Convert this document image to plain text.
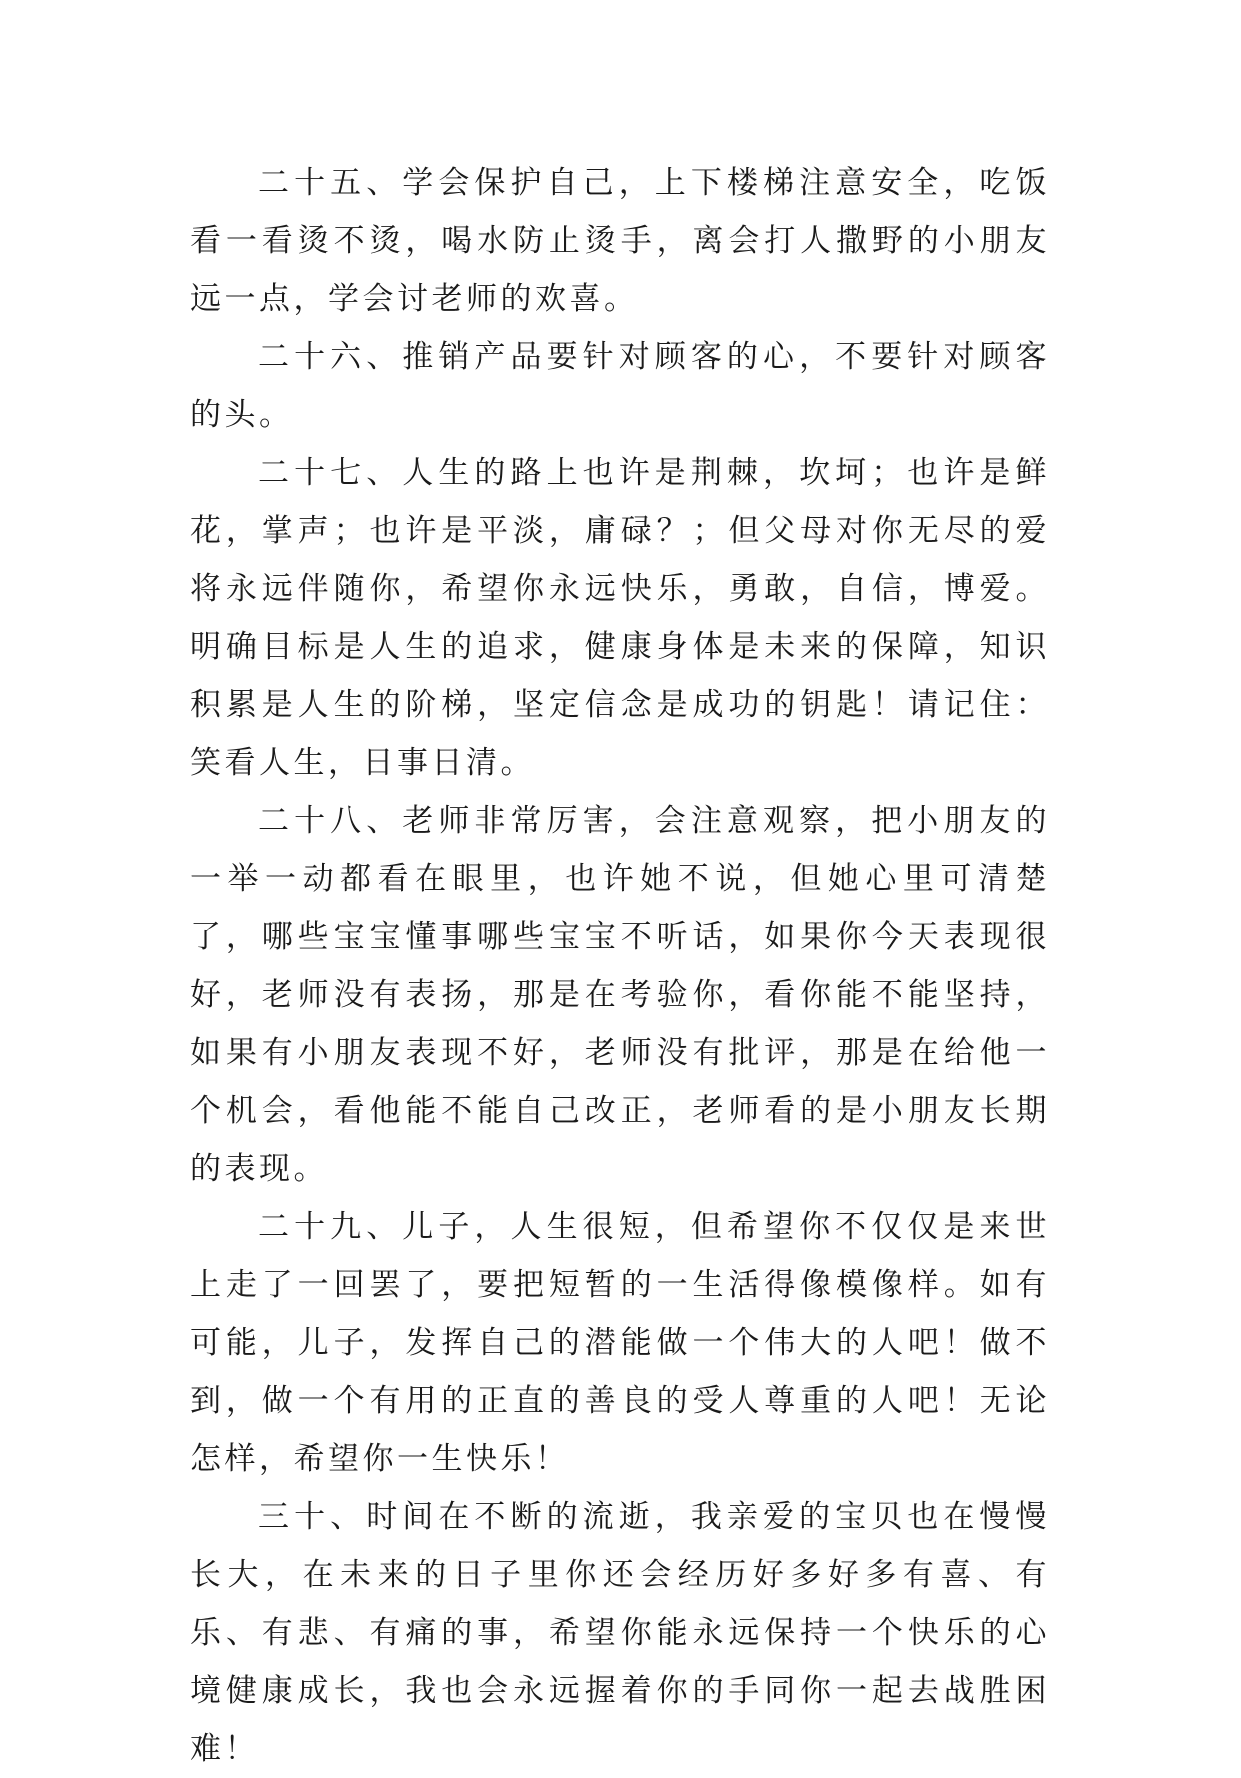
二十五、学会保护自己，上下楼梯注意安全，吃饭看一看烫不烫，喝水防止烫手，离会打人撒野的小朋友远一点，学会讨老师的欢喜。

二十六、推销产品要针对顾客的心，不要针对顾客的头。

二十七、人生的路上也许是荆棘，坎坷；也许是鲜花，掌声；也许是平淡，庸碌？；但父母对你无尽的爱将永远伴随你，希望你永远快乐，勇敢，自信，博爱。明确目标是人生的追求，健康身体是未来的保障，知识积累是人生的阶梯，坚定信念是成功的钥匙！请记住：笑看人生，日事日清。

二十八、老师非常厉害，会注意观察，把小朋友的一举一动都看在眼里，也许她不说，但她心里可清楚了，哪些宝宝懂事哪些宝宝不听话，如果你今天表现很好，老师没有表扬，那是在考验你，看你能不能坚持，如果有小朋友表现不好，老师没有批评，那是在给他一个机会，看他能不能自己改正，老师看的是小朋友长期的表现。

二十九、儿子，人生很短，但希望你不仅仅是来世上走了一回罢了，要把短暂的一生活得像模像样。如有可能，儿子，发挥自己的潜能做一个伟大的人吧！做不到，做一个有用的正直的善良的受人尊重的人吧！无论怎样，希望你一生快乐！

三十、时间在不断的流逝，我亲爱的宝贝也在慢慢长大，在未来的日子里你还会经历好多好多有喜、有乐、有悲、有痛的事，希望你能永远保持一个快乐的心境健康成长，我也会永远握着你的手同你一起去战胜困难！
